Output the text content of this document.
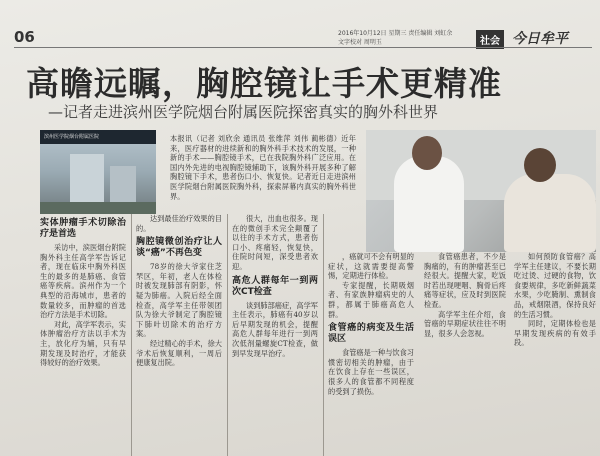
06	2016年10月12日 星期三 责任编辑 刘虹余
文字校对 周明玉	社会 今日牟平
高瞻远瞩，胸腔镜让手术更精准
—记者走进滨州医学院烟台附属医院探密真实的胸外科世界
滨州医学院烟台附属医院	本报讯（记者 刘欣余 通讯员 张维萍 刘伟 蔺彬德）近年来，医疗器材的进续新和的胸外科手术技术的发展，一种新的手术——胸腔镜手术，已在我院胸外科广泛应用。在国内外先进的电视胸腔镜辅助下，该胸外科开展多种了解胸腔镜下手术，患者伤口小、恢复快。记者近日走进滨州医学院烟台附属医院胸外科，探索屏幕内真实的胸外科世界。
实体肿瘤手术切除治疗是首选

采访中，滨医烟台附院胸外科主任高学军告诉记者，现在临床中胸外科医生的最多的是肺癌、食管癌等疾病。滨州作为一个典型的沿海城市，患者的数量较多，而肿瘤的首选治疗方法是手术切除。

对此，高学军表示，实体肿瘤治疗方法以手术为主，放化疗为辅，只有早期发现及时治疗，才能获得较好的治疗效果。

达到最佳治疗效果的目的。

胸腔镜微创治疗让人谈“癌”不再色变

78岁的徐大爷家住芝罘区，年初，老人在体检时被发现肺部有阴影，怀疑为肺癌。入院后经全面检查，高学军主任带领团队为徐大爷制定了胸腔镜下肺叶切除术的治疗方案。

经过精心的手术，徐大爷术后恢复顺利，一周后便康复出院。

很大，出血也很多。现在的微创手术完全颠覆了以往的手术方式，患者伤口小、疼痛轻，恢复快，住院时间短，深受患者欢迎。

高危人群每年一到两次CT检查

谈到肺部癌症，高学军主任表示，肺癌有40岁以后早期发现的机会，提醒高危人群每年进行一到两次低剂量螺旋CT检查，做到早发现早治疗。

，癌就可不会有明显的症状，这就需要提高警惕，定期进行体检。

专家提醒，长期吸烟者、有家族肿瘤病史的人群，都属于肺癌高危人群。

食管癌的病变及生活误区

食管癌是一种与饮食习惯密切相关的肿瘤，由于在饮食上存在一些误区，很多人的食管都不同程度的受到了损伤。

食管癌患者，不少是胸痛的，有的肿瘤甚至已经很大。提醒大家，吃饭时若出现哽咽、胸骨后疼痛等症状，应及时到医院检查。

高学军主任介绍，食管癌的早期症状往往不明显，很多人会忽视。

如何预防食管癌？高学军主任建议，不要长期吃过烫、过硬的食物，饮食要规律，多吃新鲜蔬菜水果，少吃腌制、熏制食品，戒烟限酒，保持良好的生活习惯。

同时，定期体检也是早期发现疾病的有效手段。
